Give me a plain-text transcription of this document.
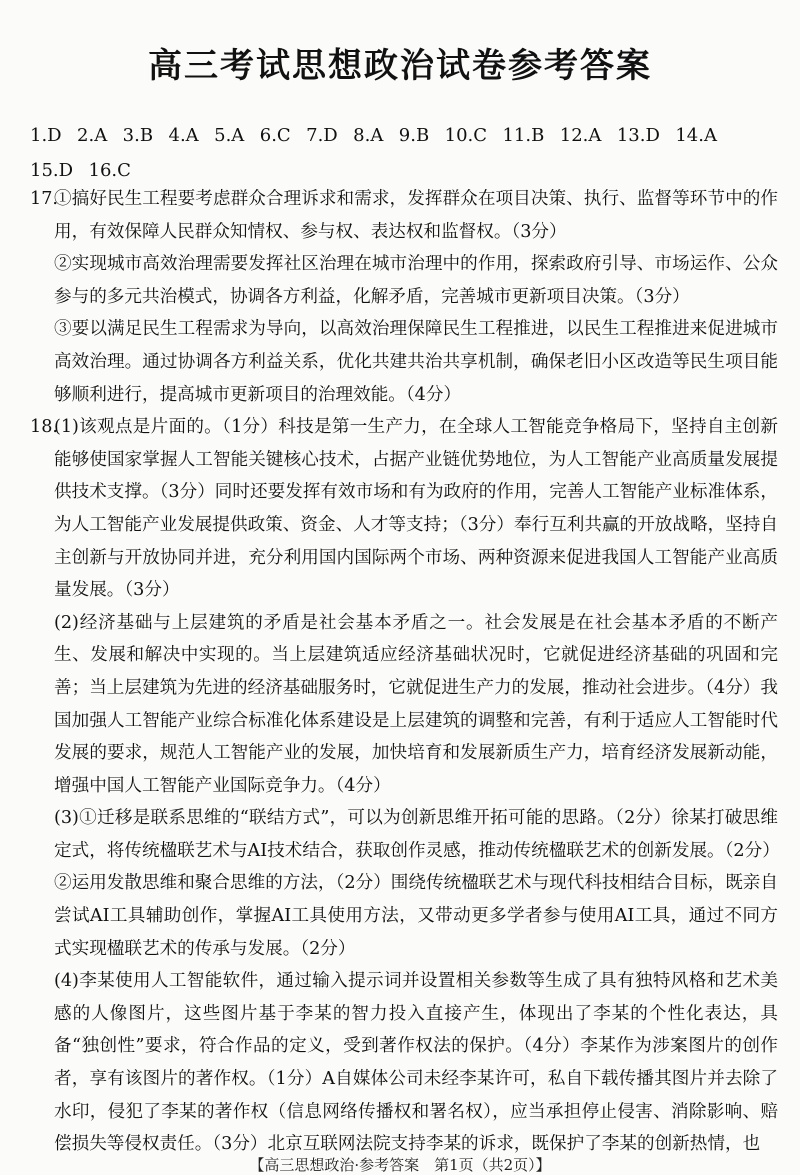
高三考试思想政治试卷参考答案
1.D  2.A  3.B  4.A  5.A  6.C  7.D  8.A  9.B  10.C  11.B  12.A  13.D  14.A
15.D  16.C

17.
①搞好民生工程要考虑群众合理诉求和需求，发挥群众在项目决策、执行、监督等环节中的作用，有效保障人民群众知情权、参与权、表达权和监督权。（3分）

②实现城市高效治理需要发挥社区治理在城市治理中的作用，探索政府引导、市场运作、公众参与的多元共治模式，协调各方利益，化解矛盾，完善城市更新项目决策。（3分）

③要以满足民生工程需求为导向，以高效治理保障民生工程推进，以民生工程推进来促进城市高效治理。通过协调各方利益关系，优化共建共治共享机制，确保老旧小区改造等民生项目能够顺利进行，提高城市更新项目的治理效能。（4分）

18.
(1)该观点是片面的。（1分）科技是第一生产力，在全球人工智能竞争格局下，坚持自主创新能够使国家掌握人工智能关键核心技术，占据产业链优势地位，为人工智能产业高质量发展提供技术支撑。（3分）同时还要发挥有效市场和有为政府的作用，完善人工智能产业标准体系，为人工智能产业发展提供政策、资金、人才等支持；（3分）奉行互利共赢的开放战略，坚持自主创新与开放协同并进，充分利用国内国际两个市场、两种资源来促进我国人工智能产业高质量发展。（3分）

(2)经济基础与上层建筑的矛盾是社会基本矛盾之一。社会发展是在社会基本矛盾的不断产生、发展和解决中实现的。当上层建筑适应经济基础状况时，它就促进经济基础的巩固和完善；当上层建筑为先进的经济基础服务时，它就促进生产力的发展，推动社会进步。（4分）我国加强人工智能产业综合标准化体系建设是上层建筑的调整和完善，有利于适应人工智能时代发展的要求，规范人工智能产业的发展，加快培育和发展新质生产力，培育经济发展新动能，增强中国人工智能产业国际竞争力。（4分）

(3)①迁移是联系思维的“联结方式”，可以为创新思维开拓可能的思路。（2分）徐某打破思维定式，将传统楹联艺术与AI技术结合，获取创作灵感，推动传统楹联艺术的创新发展。（2分）

②运用发散思维和聚合思维的方法，（2分）围绕传统楹联艺术与现代科技相结合目标，既亲自尝试AI工具辅助创作，掌握AI工具使用方法，又带动更多学者参与使用AI工具，通过不同方式实现楹联艺术的传承与发展。（2分）

(4)李某使用人工智能软件，通过输入提示词并设置相关参数等生成了具有独特风格和艺术美感的人像图片，这些图片基于李某的智力投入直接产生，体现出了李某的个性化表达，具备“独创性”要求，符合作品的定义，受到著作权法的保护。（4分）李某作为涉案图片的创作者，享有该图片的著作权。（1分）A自媒体公司未经李某许可，私自下载传播其图片并去除了水印，侵犯了李某的著作权（信息网络传播权和署名权），应当承担停止侵害、消除影响、赔偿损失等侵权责任。（3分）北京互联网法院支持李某的诉求，既保护了李某的创新热情，也

【高三思想政治·参考答案　第1页（共2页）】
